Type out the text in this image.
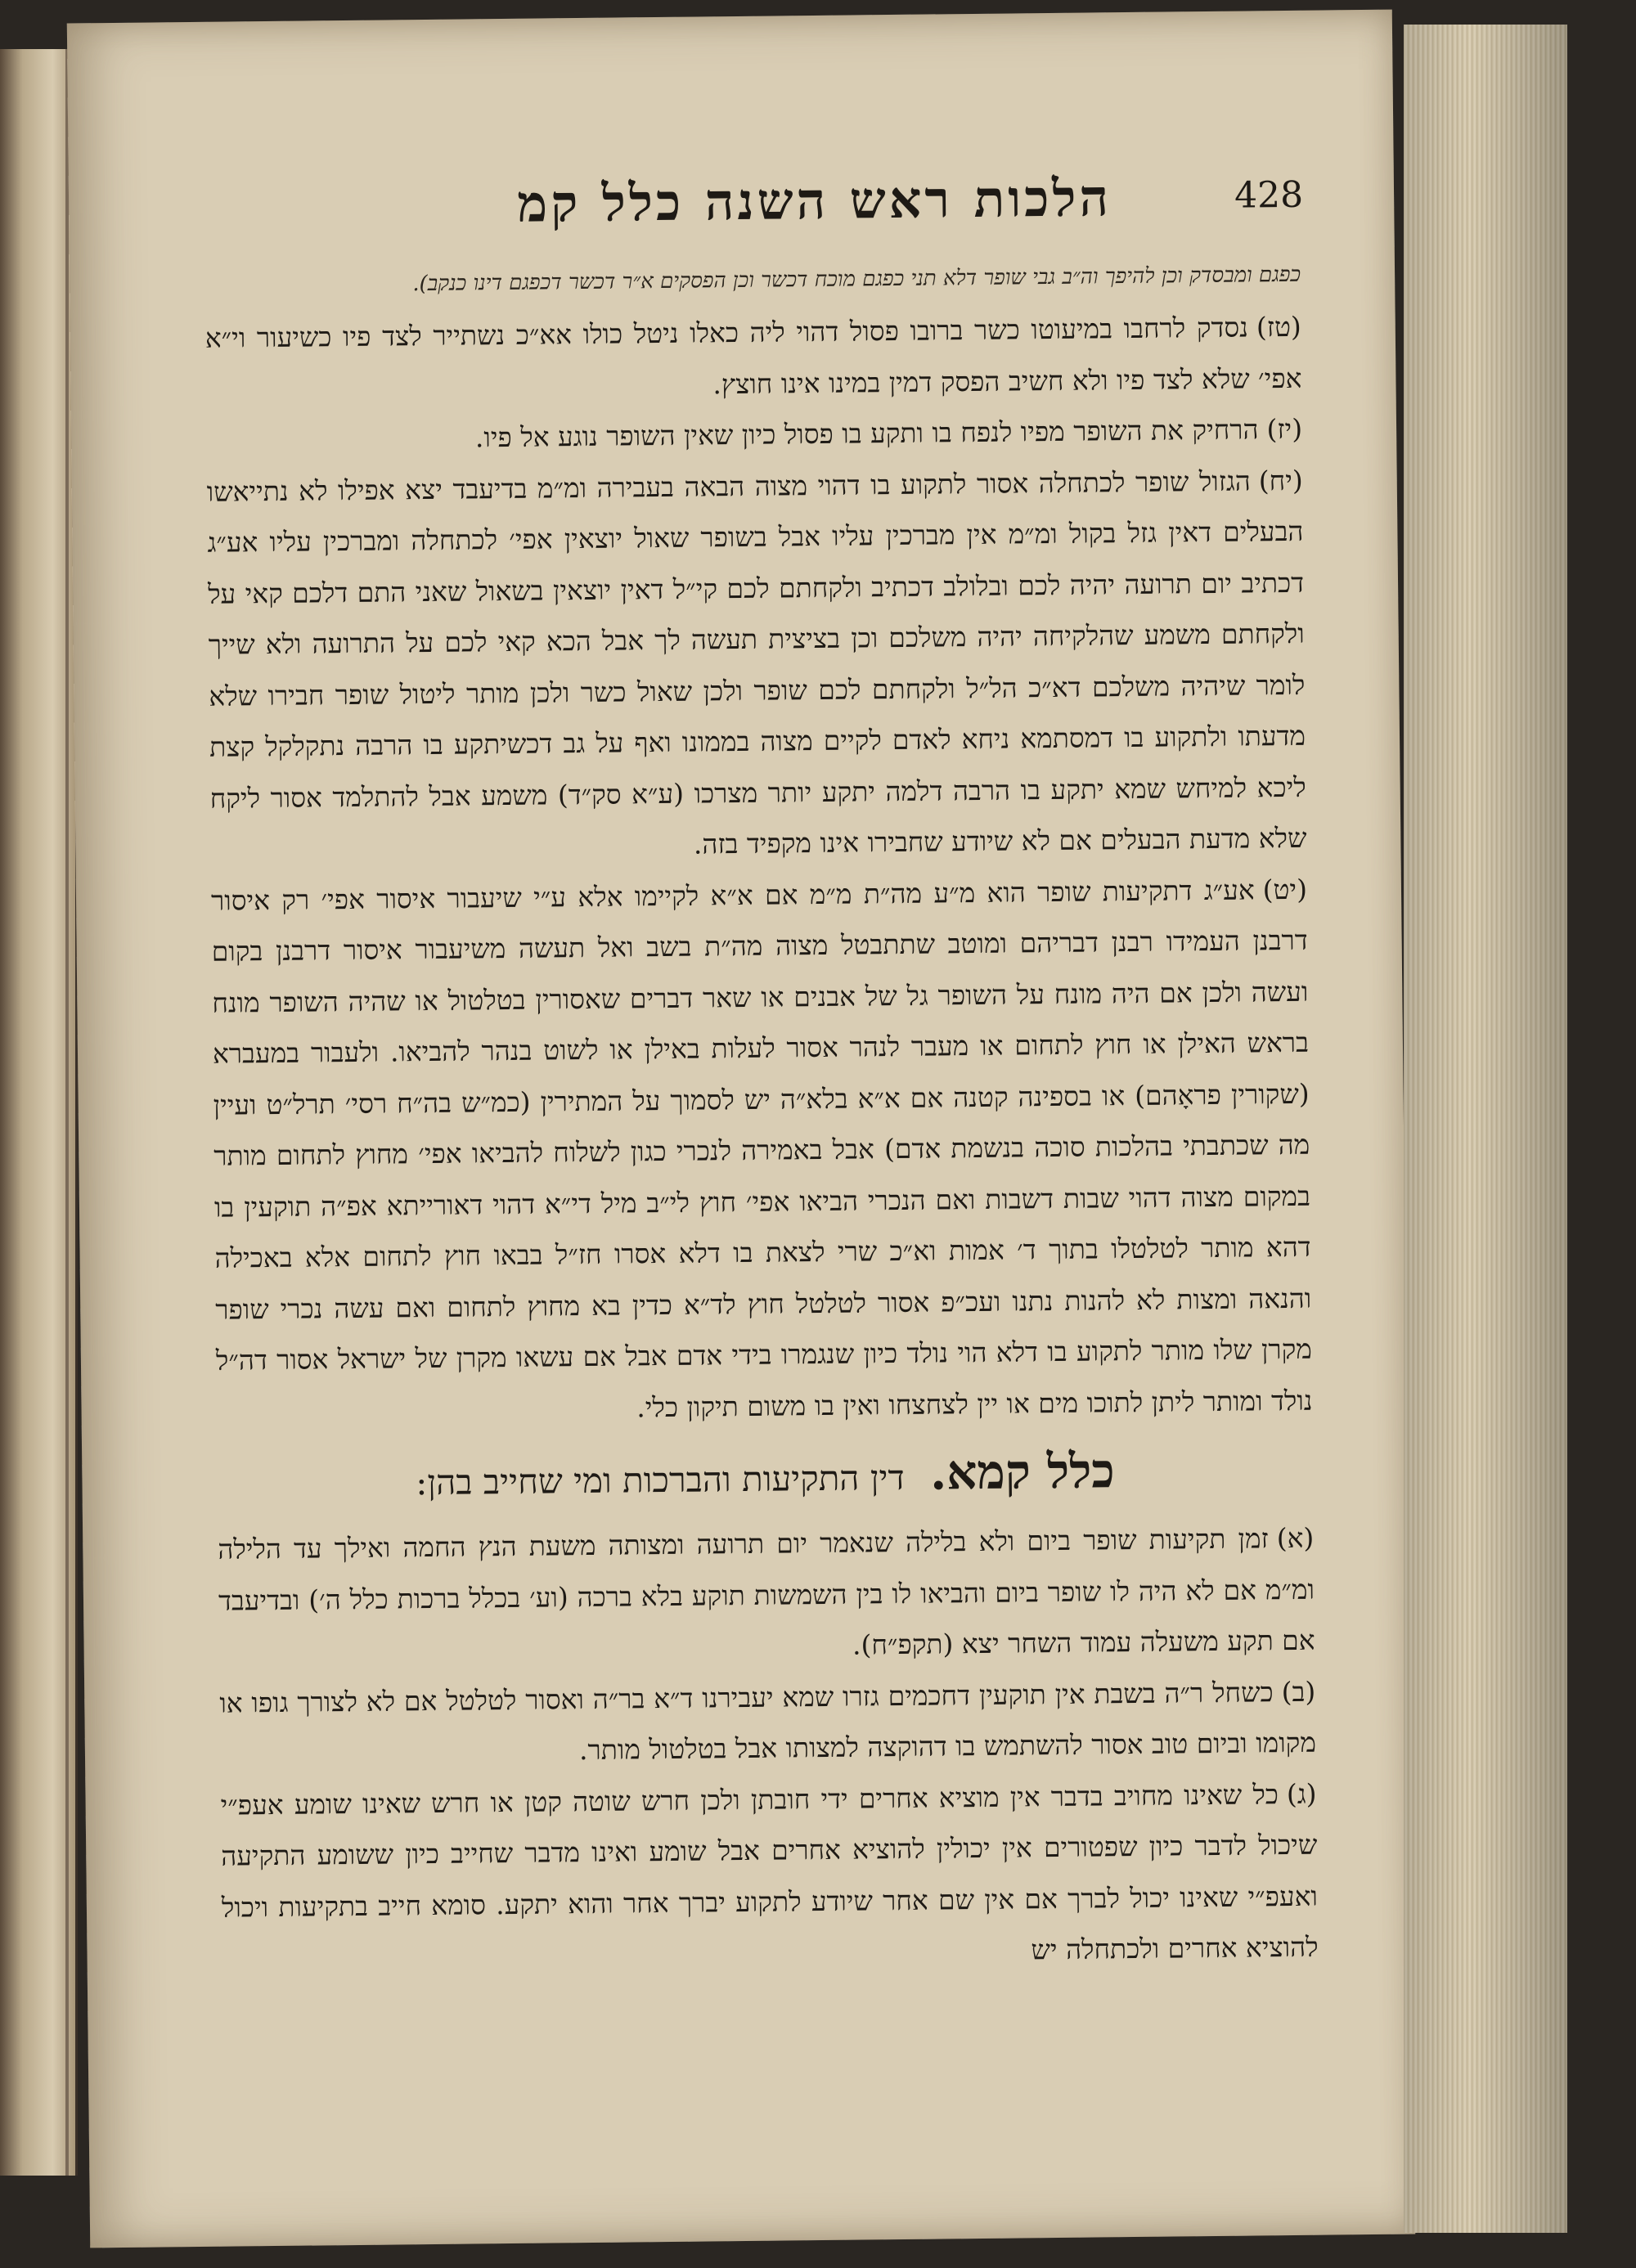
428
הלכות ראש השנה כלל קמ

כפגם ומבסדק וכן להיפך וה״ב גבי שופר דלא תני כפגם מוכח דכשר וכן הפסקים א״ר דכשר דכפגם דינו כנקב).

(טז)נסדק לרחבו במיעוטו כשר ברובו פסול דהוי ליה כאלו ניטל כולו אא״כ נשתייר לצד פיו כשיעור וי״א אפי׳ שלא לצד פיו ולא חשיב הפסק דמין במינו אינו חוצץ.

(יז)הרחיק את השופר מפיו לנפח בו ותקע בו פסול כיון שאין השופר נוגע אל פיו.

(יח)הגזול שופר לכתחלה אסור לתקוע בו דהוי מצוה הבאה בעבירה ומ״מ בדיעבד יצא אפילו לא נתייאשו הבעלים דאין גזל בקול ומ״מ אין מברכין עליו אבל בשופר שאול יוצאין אפי׳ לכתחלה ומברכין עליו אע״ג דכתיב יום תרועה יהיה לכם ובלולב דכתיב ולקחתם לכם קי״ל דאין יוצאין בשאול שאני התם דלכם קאי על ולקחתם משמע שהלקיחה יהיה משלכם וכן בציצית תעשה לך אבל הכא קאי לכם על התרועה ולא שייך לומר שיהיה משלכם דא״כ הל״ל ולקחתם לכם שופר ולכן שאול כשר ולכן מותר ליטול שופר חבירו שלא מדעתו ולתקוע בו דמסתמא ניחא לאדם לקיים מצוה בממונו ואף על גב דכשיתקע בו הרבה נתקלקל קצת ליכא למיחש שמא יתקע בו הרבה דלמה יתקע יותר מצרכו (ע״א סק״ד) משמע אבל להתלמד אסור ליקח שלא מדעת הבעלים אם לא שיודע שחבירו אינו מקפיד בזה.

(יט)אע״ג דתקיעות שופר הוא מ״ע מה״ת מ״מ אם א״א לקיימו אלא ע״י שיעבור איסור אפי׳ רק איסור דרבנן העמידו רבנן דבריהם ומוטב שתתבטל מצוה מה״ת בשב ואל תעשה משיעבור איסור דרבנן בקום ועשה ולכן אם היה מונח על השופר גל של אבנים או שאר דברים שאסורין בטלטול או שהיה השופר מונח בראש האילן או חוץ לתחום או מעבר לנהר אסור לעלות באילן או לשוט בנהר להביאו. ולעבור במעברא (שקורין פראָהם) או בספינה קטנה אם א״א בלא״ה יש לסמוך על המתירין (כמ״ש בה״ח רסי׳ תרל״ט ועיין מה שכתבתי בהלכות סוכה בנשמת אדם) אבל באמירה לנכרי כגון לשלוח להביאו אפי׳ מחוץ לתחום מותר במקום מצוה דהוי שבות דשבות ואם הנכרי הביאו אפי׳ חוץ לי״ב מיל די״א דהוי דאורייתא אפ״ה תוקעין בו דהא מותר לטלטלו בתוך ד׳ אמות וא״כ שרי לצאת בו דלא אסרו חז״ל בבאו חוץ לתחום אלא באכילה והנאה ומצות לא להנות נתנו ועכ״פ אסור לטלטל חוץ לד״א כדין בא מחוץ לתחום ואם עשה נכרי שופר מקרן שלו מותר לתקוע בו דלא הוי נולד כיון שנגמרו בידי אדם אבל אם עשאו מקרן של ישראל אסור דה״ל נולד ומותר ליתן לתוכו מים או יין לצחצחו ואין בו משום תיקון כלי.

כלל קמא. דין התקיעות והברכות ומי שחייב בהן:

(א)זמן תקיעות שופר ביום ולא בלילה שנאמר יום תרועה ומצותה משעת הנץ החמה ואילך עד הלילה ומ״מ אם לא היה לו שופר ביום והביאו לו בין השמשות תוקע בלא ברכה (וע׳ בכלל ברכות כלל ה׳) ובדיעבד אם תקע משעלה עמוד השחר יצא (תקפ״ח).

(ב)כשחל ר״ה בשבת אין תוקעין דחכמים גזרו שמא יעבירנו ד״א בר״ה ואסור לטלטל אם לא לצורך גופו או מקומו וביום טוב אסור להשתמש בו דהוקצה למצותו אבל בטלטול מותר.

(ג)כל שאינו מחויב בדבר אין מוציא אחרים ידי חובתן ולכן חרש שוטה קטן או חרש שאינו שומע אעפ״י שיכול לדבר כיון שפטורים אין יכולין להוציא אחרים אבל שומע ואינו מדבר שחייב כיון ששומע התקיעה ואעפ״י שאינו יכול לברך אם אין שם אחר שיודע לתקוע יברך אחר והוא יתקע. סומא חייב בתקיעות ויכול להוציא אחרים ולכתחלה יש
